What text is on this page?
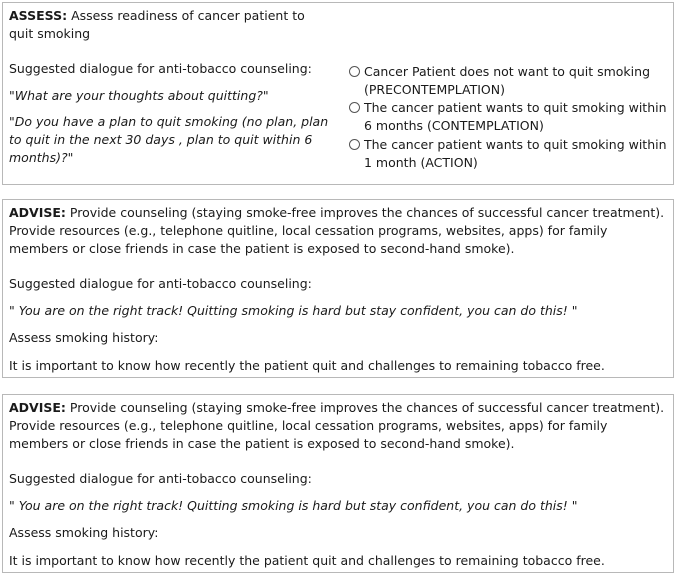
ASSESS: Assess readiness of cancer patient to quit smoking
Suggested dialogue for anti-tobacco counseling:
"What are your thoughts about quitting?"
"Do you have a plan to quit smoking (no plan, plan to quit in the next 30 days , plan to quit within 6 months)?"
Cancer Patient does not want to quit smoking (PRECONTEMPLATION)
The cancer patient wants to quit smoking within 6 months (CONTEMPLATION)
The cancer patient wants to quit smoking within 1 month (ACTION)
ADVISE: Provide counseling (staying smoke-free improves the chances of successful cancer treatment). Provide resources (e.g., telephone quitline, local cessation programs, websites, apps) for family members or close friends in case the patient is exposed to second-hand smoke).
Suggested dialogue for anti-tobacco counseling:
" You are on the right track! Quitting smoking is hard but stay confident, you can do this! "
Assess smoking history:
It is important to know how recently the patient quit and challenges to remaining tobacco free.
ADVISE: Provide counseling (staying smoke-free improves the chances of successful cancer treatment). Provide resources (e.g., telephone quitline, local cessation programs, websites, apps) for family members or close friends in case the patient is exposed to second-hand smoke).
Suggested dialogue for anti-tobacco counseling:
" You are on the right track! Quitting smoking is hard but stay confident, you can do this! "
Assess smoking history:
It is important to know how recently the patient quit and challenges to remaining tobacco free.
